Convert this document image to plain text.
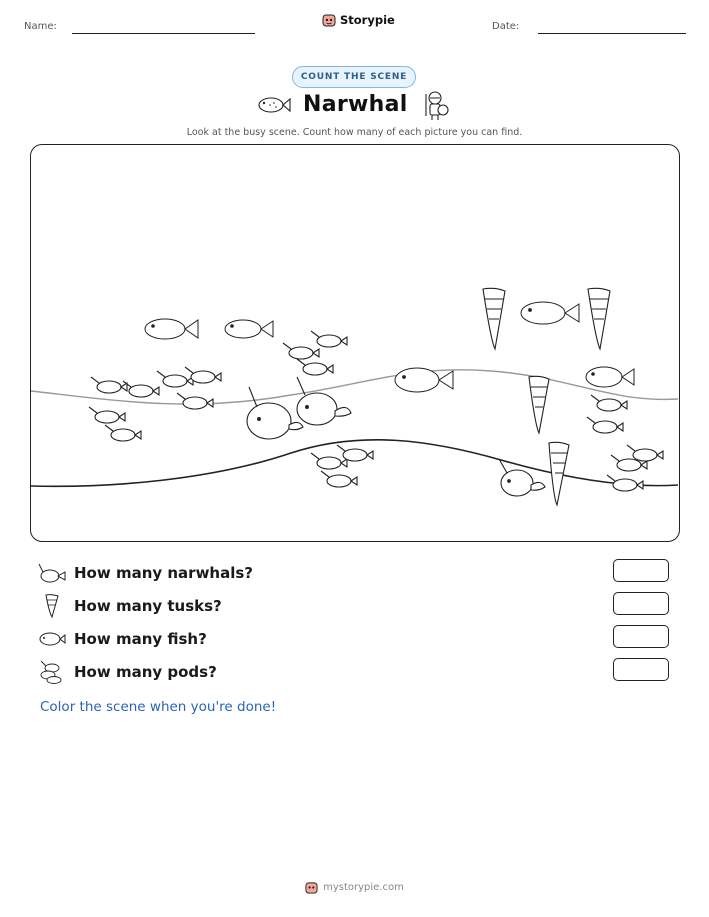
Name:	Storypie	Date:
COUNT THE SCENE
Narwhal
Look at the busy scene. Count how many of each picture you can find.
How many narwhals?
How many tusks?
How many fish?
How many pods?
Color the scene when you're done!
mystorypie.com
